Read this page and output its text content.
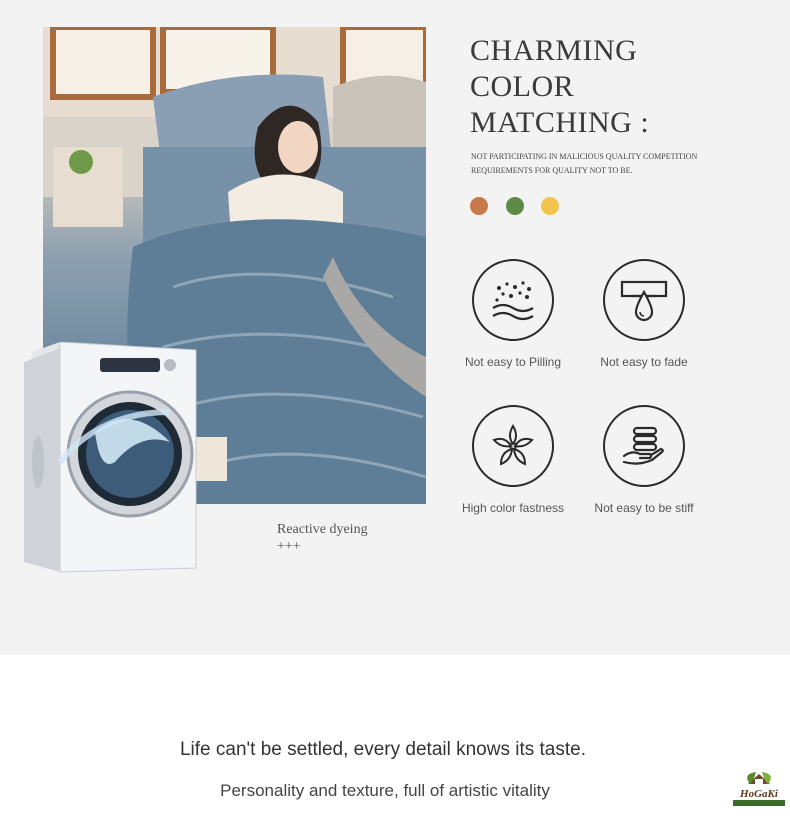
Reactive dyeing
+++
CHARMING
COLOR
MATCHING :
NOT PARTICIPATING IN MALICIOUS QUALITY COMPETITION REQUIREMENTS FOR QUALITY NOT TO BE.
Not easy to Pilling	Not easy to fade
High color fastness	Not easy to be stiff
Life can't be settled, every detail knows its taste.
Personality and texture, full of artistic vitality	HoGaKi
